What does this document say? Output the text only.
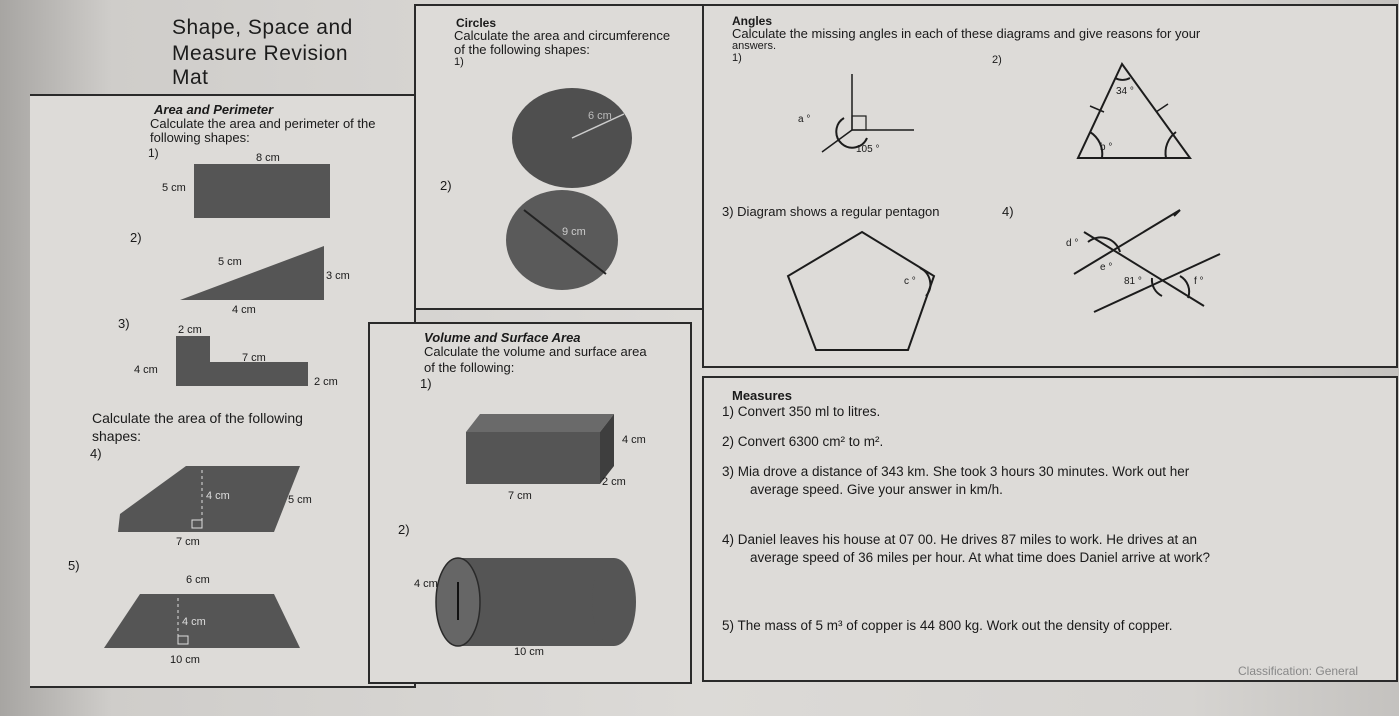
Shape, Space and
Measure Revision
Mat
Area and Perimeter
Calculate the area and perimeter of the
following shapes:
1)	8 cm
5 cm
2)
5 cm
3 cm
4 cm
3)	2 cm
4 cm
7 cm
2 cm
Calculate the area of the following
shapes:
4)
4 cm	5 cm
7 cm
5)
6 cm
4 cm
10 cm
Circles
Calculate the area and circumference
of the following shapes:
1)
2)
6 cm
9 cm
Volume and Surface Area
Calculate the volume and surface area
of the following:
1)
4 cm
2 cm
7 cm
2)
4 cm
10 cm
Angles
Calculate the missing angles in each of these diagrams and give reasons for your
answers.
1)	2)
a °
105 °
34 °
b °
3) Diagram shows a regular pentagon	4)
c °
d °
e °
81 °	f °
Measures
1) Convert 350 ml to litres.
2) Convert 6300 cm² to m².
3) Mia drove a distance of 343 km. She took 3 hours 30 minutes. Work out her
average speed. Give your answer in km/h.
4) Daniel leaves his house at 07 00. He drives 87 miles to work. He drives at an
average speed of 36 miles per hour. At what time does Daniel arrive at work?
5) The mass of 5 m³ of copper is 44 800 kg. Work out the density of copper.
Classification: General
